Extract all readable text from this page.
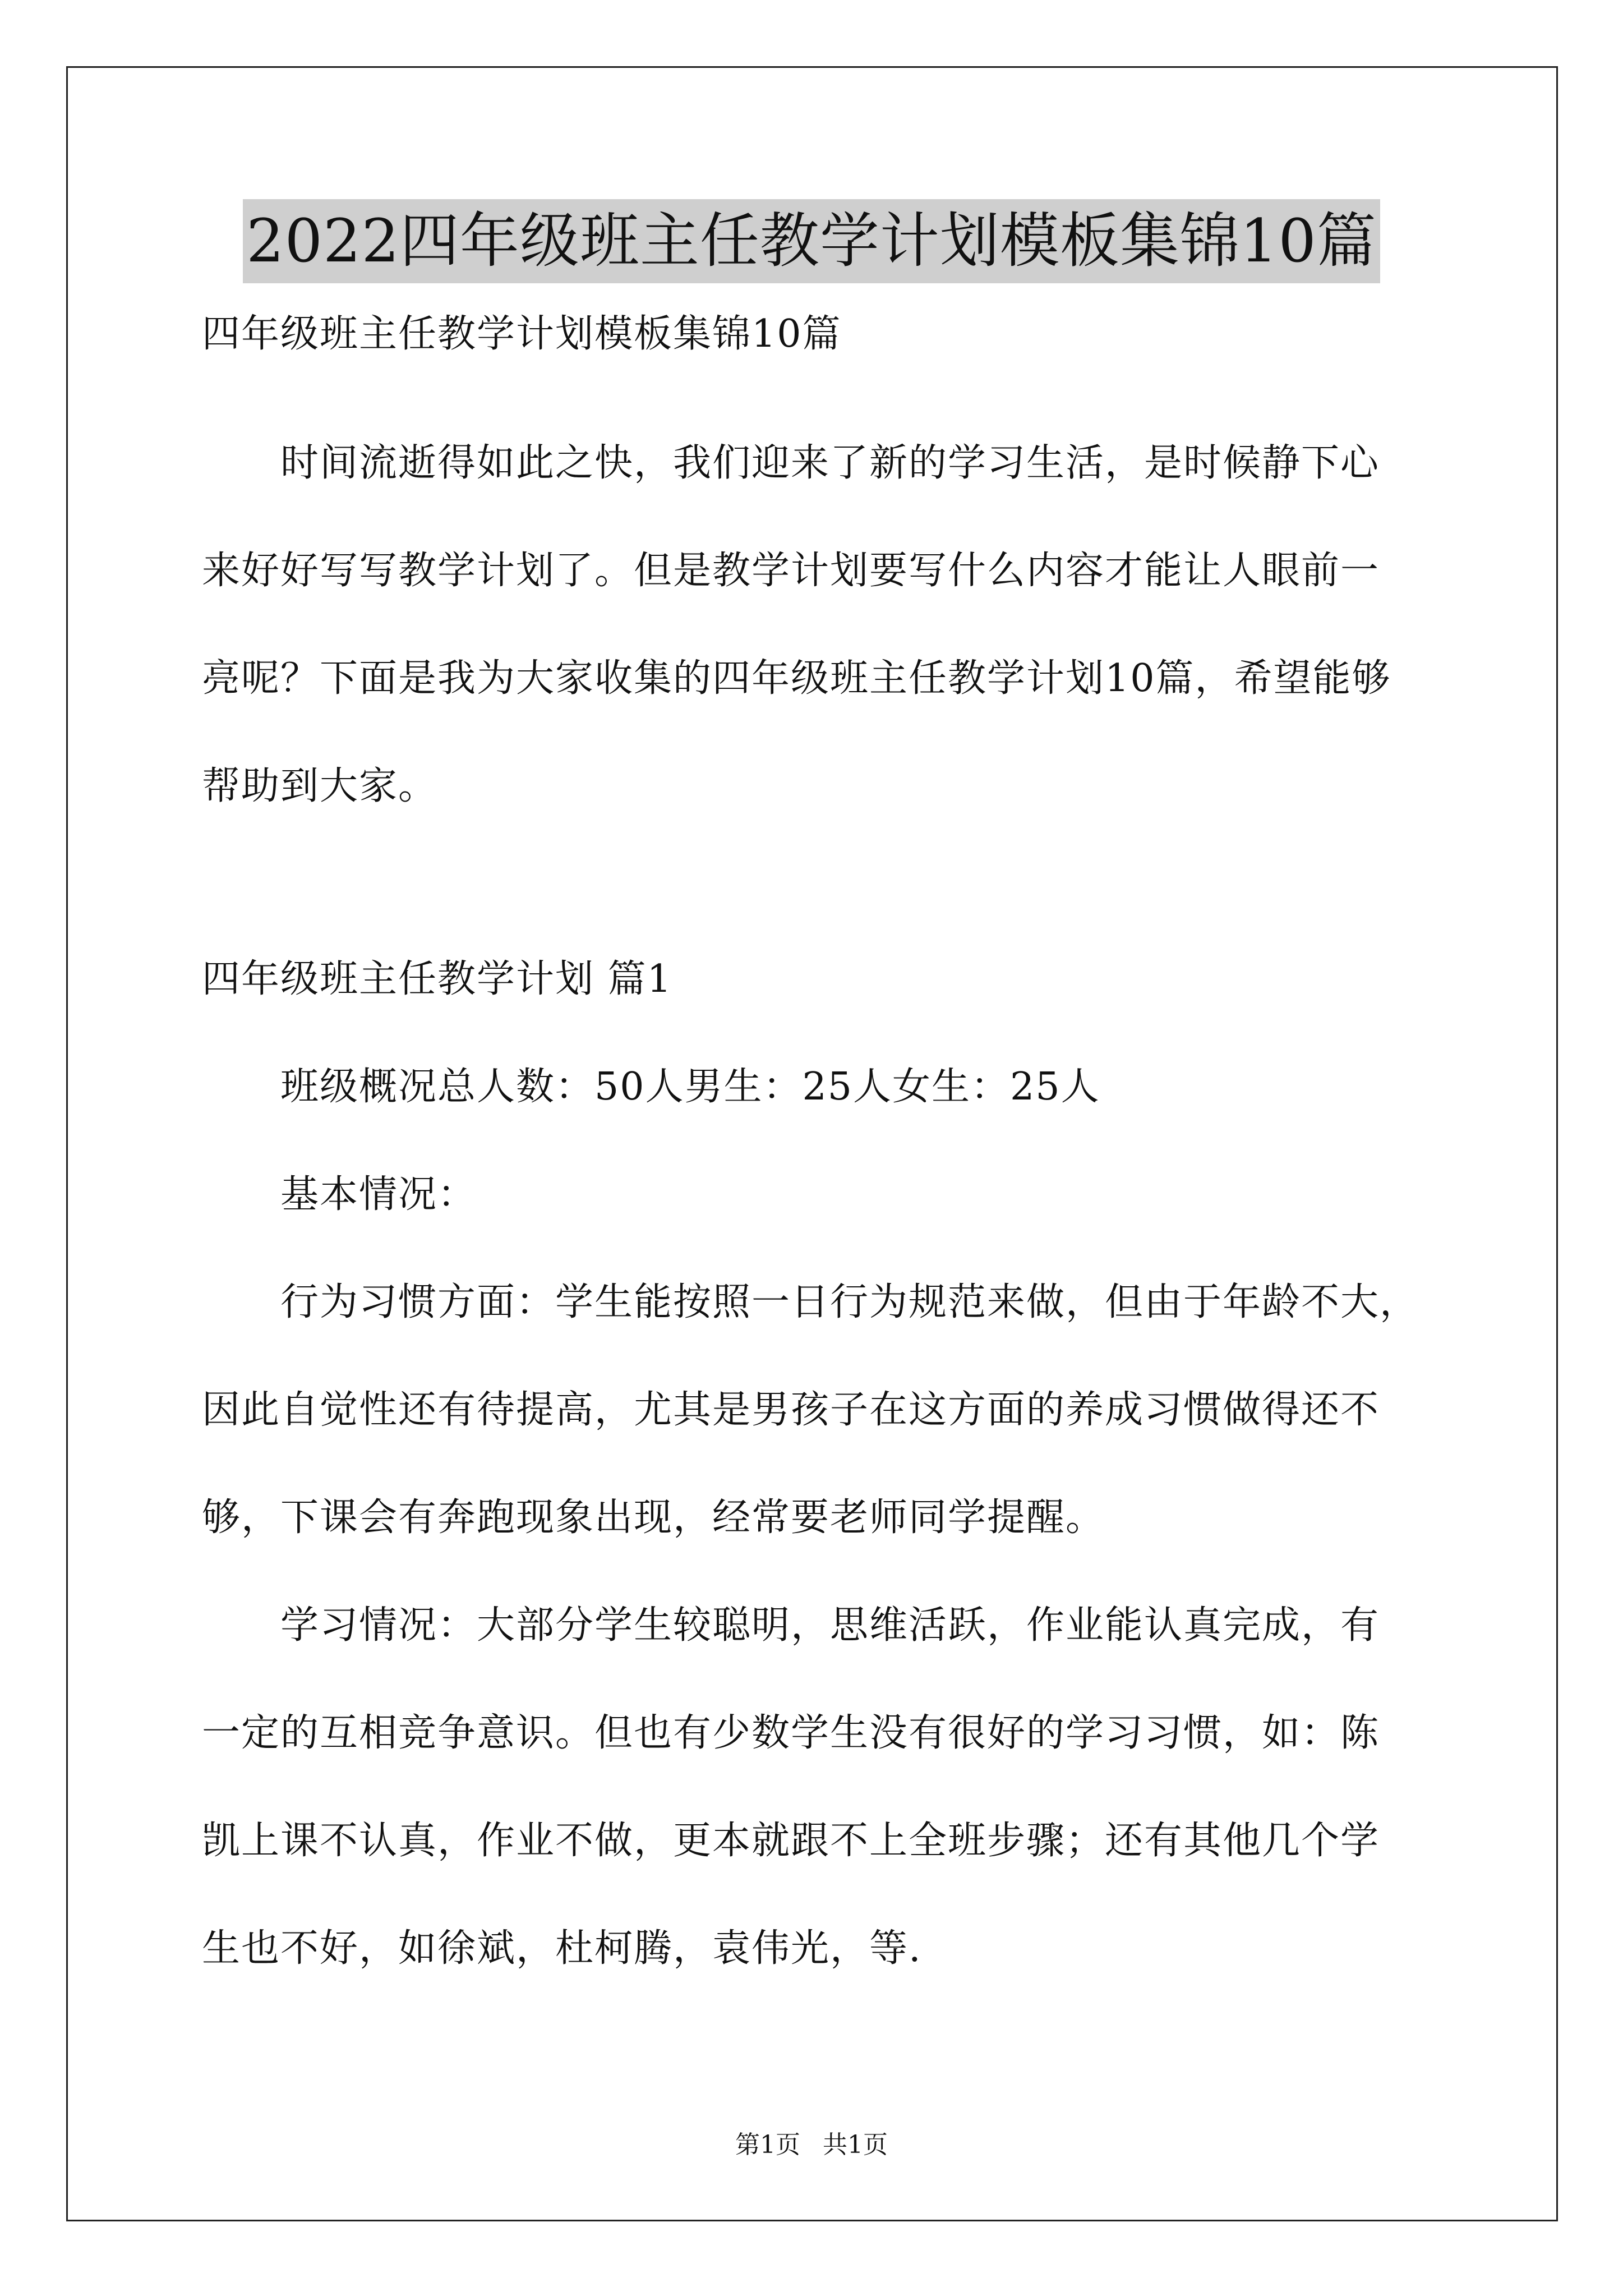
2022四年级班主任教学计划模板集锦10篇
四年级班主任教学计划模板集锦10篇
时间流逝得如此之快，我们迎来了新的学习生活，是时候静下心
来好好写写教学计划了。但是教学计划要写什么内容才能让人眼前一
亮呢？下面是我为大家收集的四年级班主任教学计划10篇，希望能够
帮助到大家。
四年级班主任教学计划 篇1
班级概况总人数：50人男生：25人女生：25人
基本情况：
行为习惯方面：学生能按照一日行为规范来做，但由于年龄不大，
因此自觉性还有待提高，尤其是男孩子在这方面的养成习惯做得还不
够，下课会有奔跑现象出现，经常要老师同学提醒。
学习情况：大部分学生较聪明，思维活跃，作业能认真完成，有
一定的互相竞争意识。但也有少数学生没有很好的学习习惯，如：陈
凯上课不认真，作业不做，更本就跟不上全班步骤；还有其他几个学
生也不好，如徐斌，杜柯腾，袁伟光，等.
第1页 共1页
